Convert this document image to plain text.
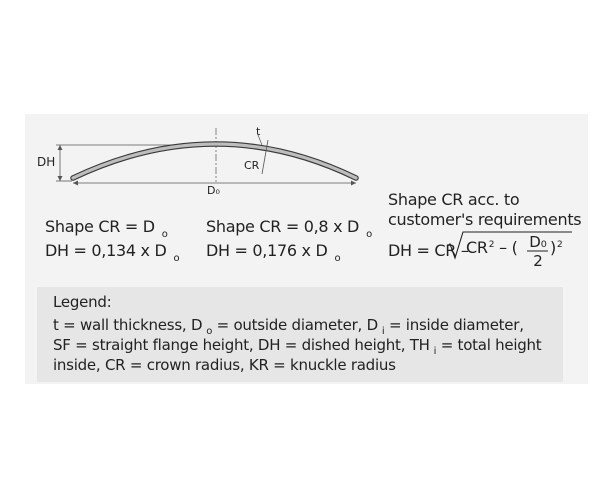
DH
t
CR
D₀
Shape CR = D o
DH = 0,134 x D o
Shape CR = 0,8 x D o
DH = 0,176 x D o
Shape CR acc. to
customer's requirements
DH = CR –
$CR^2$ – ( D₀
2
)$^2$
Legend:
t = wall thickness, D $_o$ = outside diameter, D $_i$ = inside diameter,
SF = straight flange height, DH = dished height, TH $_i$ = total height
inside, CR = crown radius, KR = knuckle radius
